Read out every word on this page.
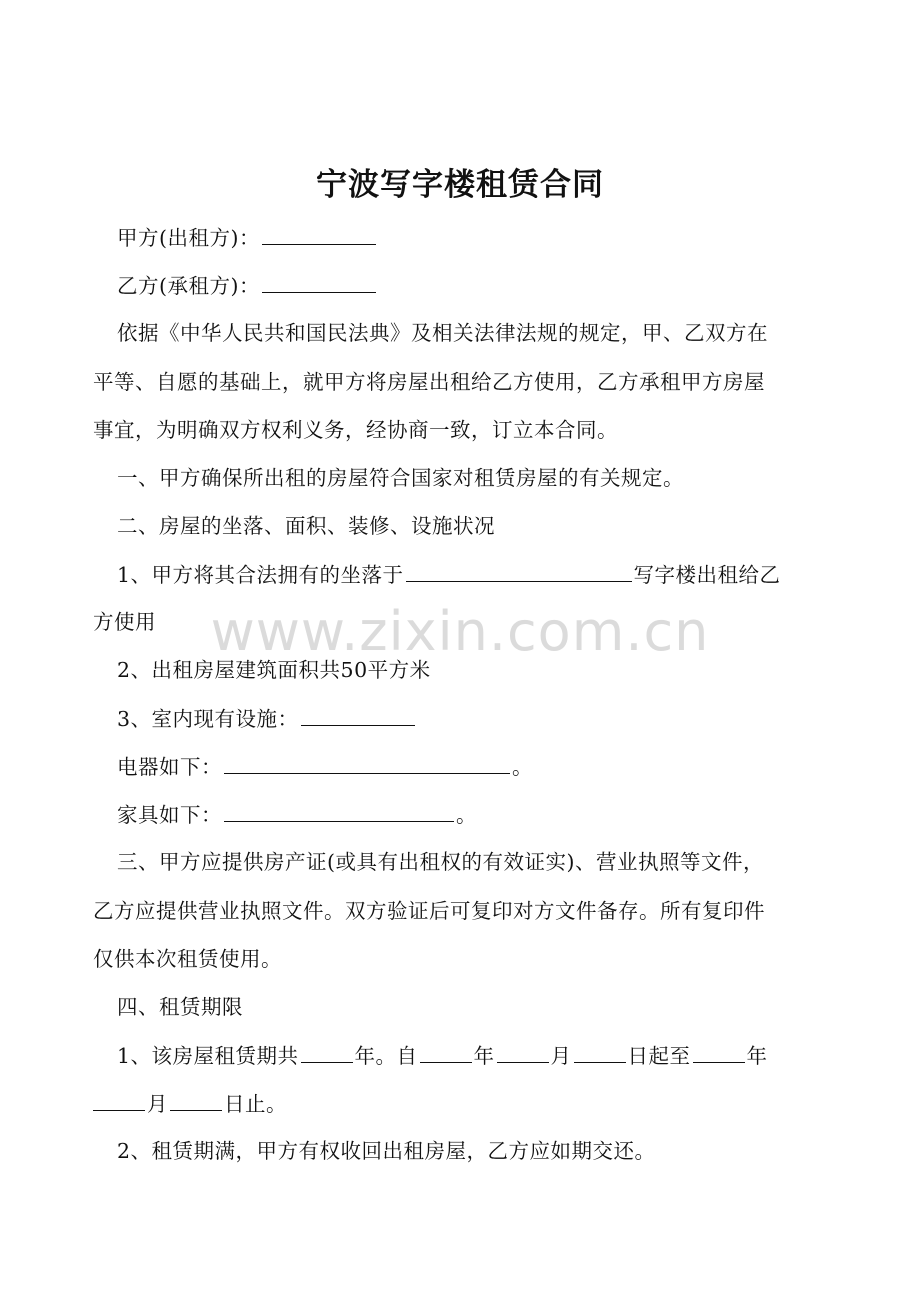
www.zixin.com.cn
宁波写字楼租赁合同
甲方(出租方)：
乙方(承租方)：
依据《中华人民共和国民法典》及相关法律法规的规定，甲、乙双方在
平等、自愿的基础上，就甲方将房屋出租给乙方使用，乙方承租甲方房屋
事宜，为明确双方权利义务，经协商一致，订立本合同。
一、甲方确保所出租的房屋符合国家对租赁房屋的有关规定。
二、房屋的坐落、面积、装修、设施状况
1、甲方将其合法拥有的坐落于	写字楼出租给乙
方使用
2、出租房屋建筑面积共50平方米
3、室内现有设施：
电器如下：	。
家具如下：	。
三、甲方应提供房产证(或具有出租权的有效证实)、营业执照等文件，
乙方应提供营业执照文件。双方验证后可复印对方文件备存。所有复印件
仅供本次租赁使用。
四、租赁期限
1、该房屋租赁期共	年。自	年	月	日起至	年
月	日止。
2、租赁期满，甲方有权收回出租房屋，乙方应如期交还。
